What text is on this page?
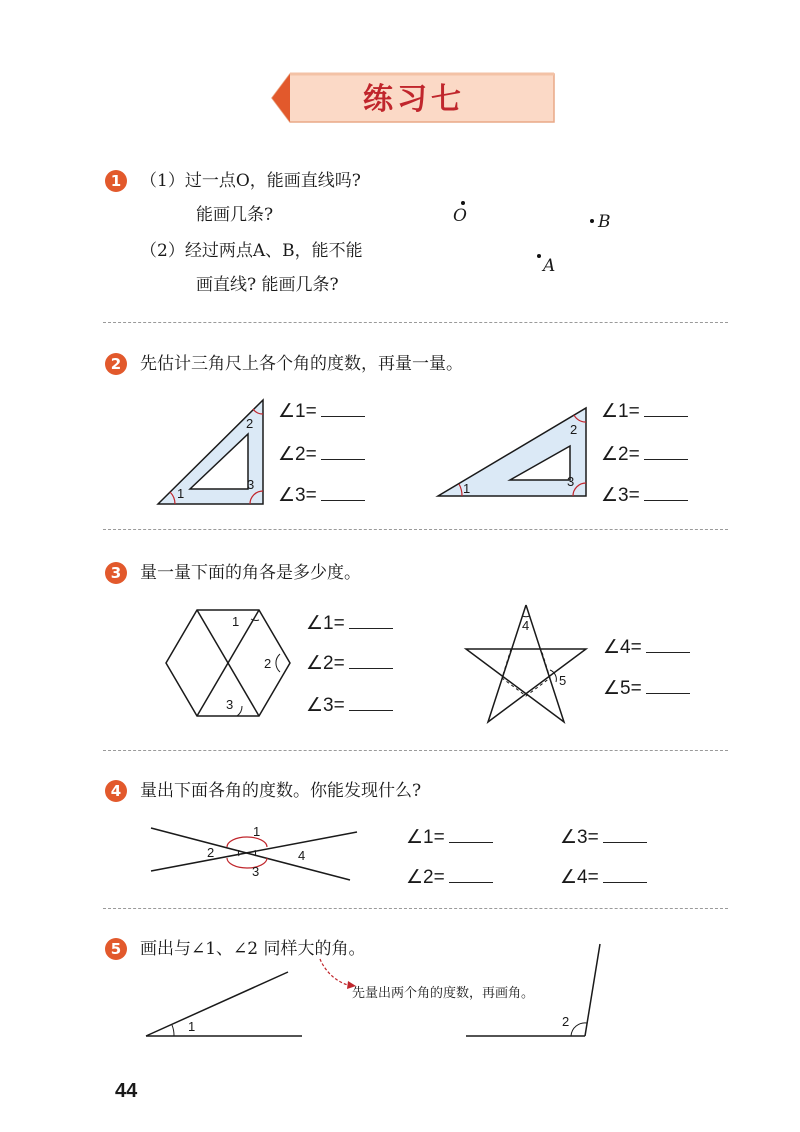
练习七
1	（1）过一点O，能画直线吗?
能画几条?
（2）经过两点A、B，能不能
画直线? 能画几条?
O	B
A
2	先估计三角尺上各个角的度数，再量一量。
1
2
3
∠1=
∠2=
∠3=	1
2
3
∠1=
∠2=
∠3=
3	量一量下面的角各是多少度。
1
2
3
∠1=
∠2=
∠3=
4
5
∠4=
∠5=
4	量出下面各角的度数。你能发现什么?
1
2
3
4
∠1=
∠2=
∠3=
∠4=
5	画出与∠1、∠2 同样大的角。
先量出两个角的度数，再画角。
1	2
44
